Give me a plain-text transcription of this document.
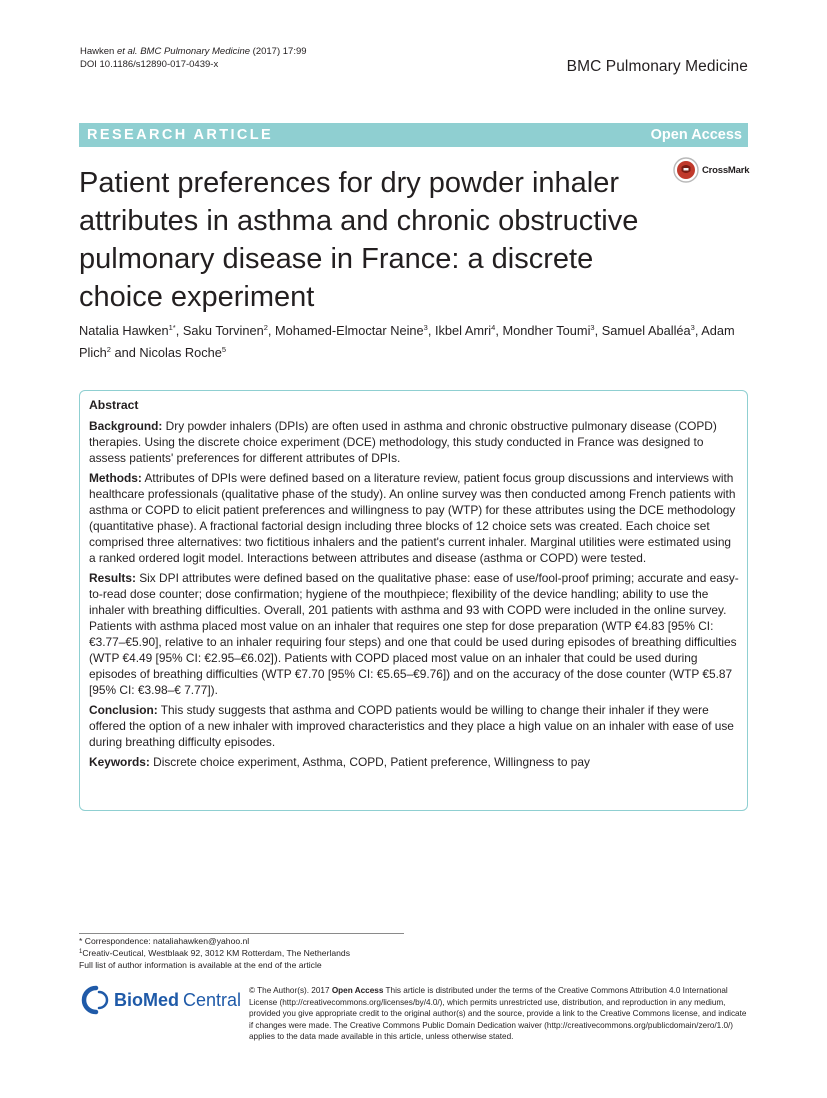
Hawken et al. BMC Pulmonary Medicine (2017) 17:99
DOI 10.1186/s12890-017-0439-x	BMC Pulmonary Medicine
RESEARCH ARTICLE	Open Access
Patient preferences for dry powder inhaler attributes in asthma and chronic obstructive pulmonary disease in France: a discrete choice experiment
CrossMark
Natalia Hawken$^{1*}$, Saku Torvinen$^2$, Mohamed-Elmoctar Neine$^3$, Ikbel Amri$^4$, Mondher Toumi$^3$, Samuel Aballéa$^3$, Adam Plich$^2$ and Nicolas Roche$^5$
Abstract

Background: Dry powder inhalers (DPIs) are often used in asthma and chronic obstructive pulmonary disease (COPD) therapies. Using the discrete choice experiment (DCE) methodology, this study conducted in France was designed to assess patients' preferences for different attributes of DPIs.

Methods: Attributes of DPIs were defined based on a literature review, patient focus group discussions and interviews with healthcare professionals (qualitative phase of the study). An online survey was then conducted among French patients with asthma or COPD to elicit patient preferences and willingness to pay (WTP) for these attributes using the DCE methodology (quantitative phase). A fractional factorial design including three blocks of 12 choice sets was created. Each choice set comprised three alternatives: two fictitious inhalers and the patient's current inhaler. Marginal utilities were estimated using a ranked ordered logit model. Interactions between attributes and disease (asthma or COPD) were tested.

Results: Six DPI attributes were defined based on the qualitative phase: ease of use/fool-proof priming; accurate and easy-to-read dose counter; dose confirmation; hygiene of the mouthpiece; flexibility of the device handling; ability to use the inhaler with breathing difficulties. Overall, 201 patients with asthma and 93 with COPD were included in the online survey. Patients with asthma placed most value on an inhaler that requires one step for dose preparation (WTP €4.83 [95% CI: €3.77–€5.90], relative to an inhaler requiring four steps) and one that could be used during episodes of breathing difficulties (WTP €4.49 [95% CI: €2.95–€6.02]). Patients with COPD placed most value on an inhaler that could be used during episodes of breathing difficulties (WTP €7.70 [95% CI: €5.65–€9.76]) and on the accuracy of the dose counter (WTP €5.87 [95% CI: €3.98–€ 7.77]).

Conclusion: This study suggests that asthma and COPD patients would be willing to change their inhaler if they were offered the option of a new inhaler with improved characteristics and they place a high value on an inhaler with ease of use during breathing difficulty episodes.

Keywords: Discrete choice experiment, Asthma, COPD, Patient preference, Willingness to pay

* Correspondence: nataliahawken@yahoo.nl
$^1$Creativ-Ceutical, Westblaak 92, 3012 KM Rotterdam, The Netherlands
Full list of author information is available at the end of the article
BioMed Central © The Author(s). 2017 Open Access This article is distributed under the terms of the Creative Commons Attribution 4.0 International License (http://creativecommons.org/licenses/by/4.0/), which permits unrestricted use, distribution, and reproduction in any medium, provided you give appropriate credit to the original author(s) and the source, provide a link to the Creative Commons license, and indicate if changes were made. The Creative Commons Public Domain Dedication waiver (http://creativecommons.org/publicdomain/zero/1.0/) applies to the data made available in this article, unless otherwise stated.
